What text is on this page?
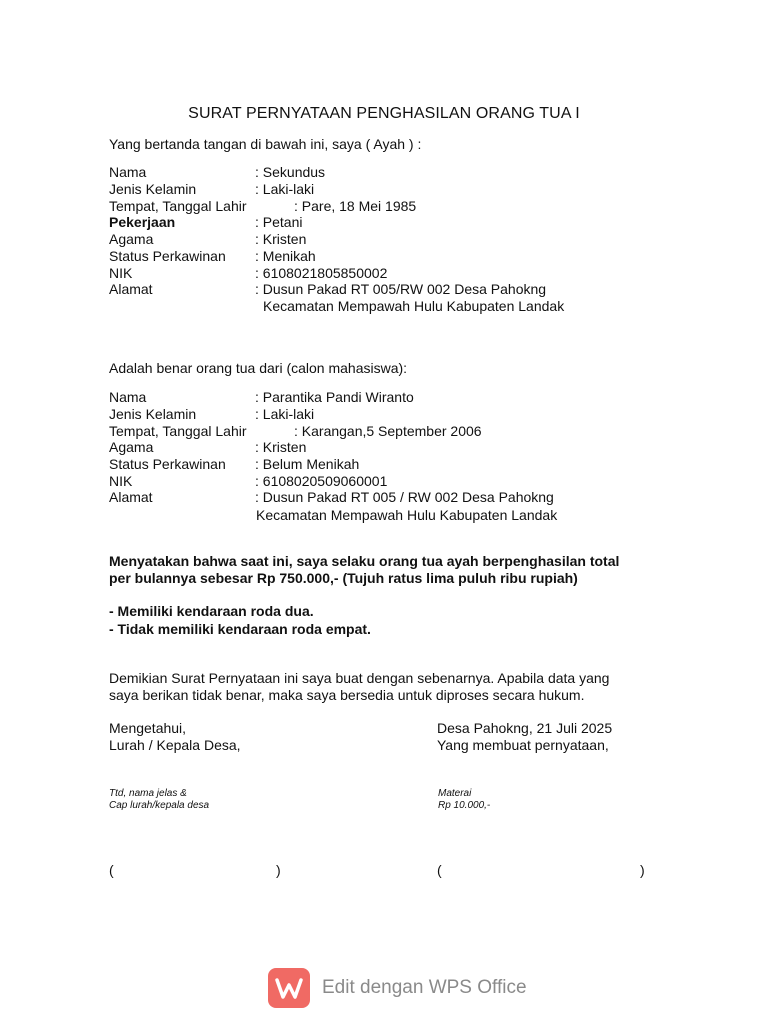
SURAT PERNYATAAN PENGHASILAN ORANG TUA I
Yang bertanda tangan di bawah ini, saya ( Ayah ) :
Nama	: Sekundus
Jenis Kelamin	: Laki-laki
Tempat, Tanggal Lahir	: Pare, 18 Mei 1985
Pekerjaan	: Petani
Agama	: Kristen
Status Perkawinan : Menikah
NIK	: 6108021805850002
Alamat	: Dusun Pakad RT 005/RW 002 Desa Pahokng
Kecamatan Mempawah Hulu Kabupaten Landak
Adalah benar orang tua dari (calon mahasiswa):
Nama	: Parantika Pandi Wiranto
Jenis Kelamin	: Laki-laki
Tempat, Tanggal Lahir	: Karangan,5 September 2006
Agama	: Kristen
Status Perkawinan : Belum Menikah
NIK	: 6108020509060001
Alamat	: Dusun Pakad RT 005 / RW 002 Desa Pahokng
Kecamatan Mempawah Hulu Kabupaten Landak
Menyatakan bahwa saat ini, saya selaku orang tua ayah berpenghasilan total
per bulannya sebesar Rp 750.000,- (Tujuh ratus lima puluh ribu rupiah)
- Memiliki kendaraan roda dua.
- Tidak memiliki kendaraan roda empat.
Demikian Surat Pernyataan ini saya buat dengan sebenarnya. Apabila data yang
saya berikan tidak benar, maka saya bersedia untuk diproses secara hukum.
Mengetahui,
Lurah / Kepala Desa,
Desa Pahokng, 21 Juli 2025
Yang membuat pernyataan,
Ttd, nama jelas &
Cap lurah/kepala desa
Materai
Rp 10.000,-
(	)	(	)
Edit dengan WPS Office
